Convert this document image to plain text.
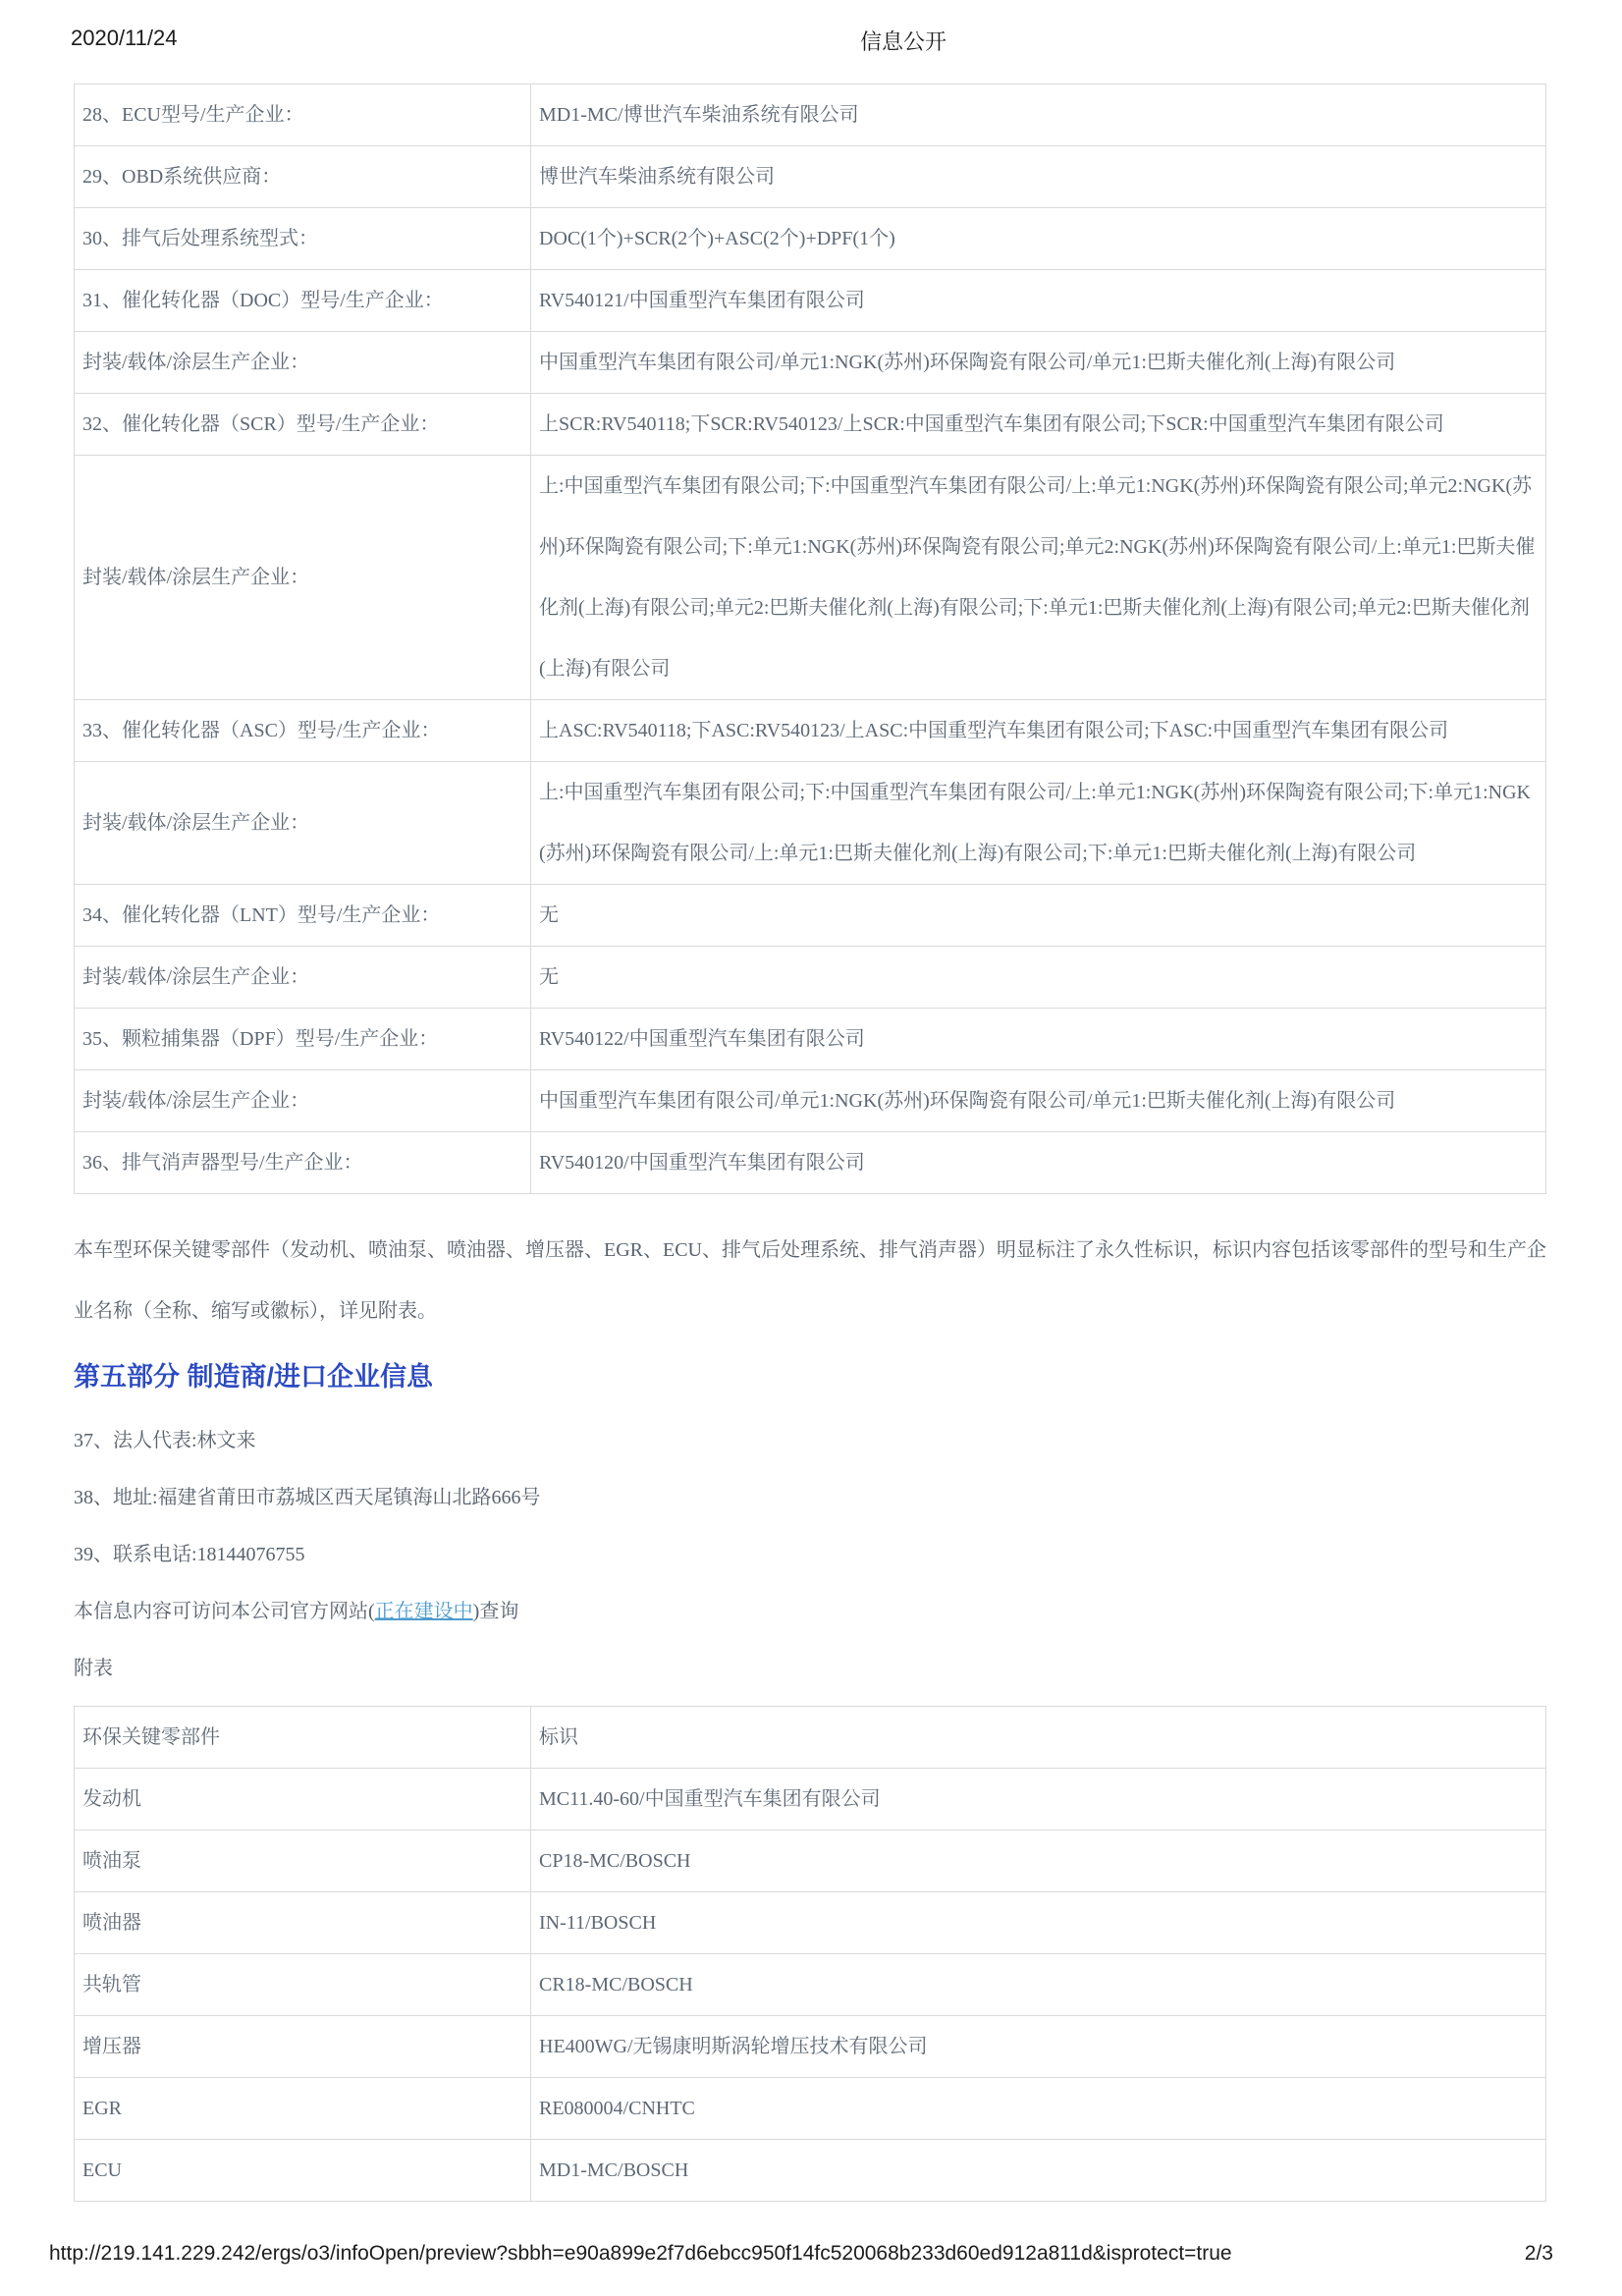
2020/11/24	信息公开
28、ECU型号/生产企业：	MD1-MC/博世汽车柴油系统有限公司
29、OBD系统供应商：	博世汽车柴油系统有限公司
30、排气后处理系统型式：	DOC(1个)+SCR(2个)+ASC(2个)+DPF(1个)
31、催化转化器（DOC）型号/生产企业：	RV540121/中国重型汽车集团有限公司
封装/载体/涂层生产企业：	中国重型汽车集团有限公司/单元1:NGK(苏州)环保陶瓷有限公司/单元1:巴斯夫催化剂(上海)有限公司
32、催化转化器（SCR）型号/生产企业：	上SCR:RV540118;下SCR:RV540123/上SCR:中国重型汽车集团有限公司;下SCR:中国重型汽车集团有限公司
封装/载体/涂层生产企业：	上:中国重型汽车集团有限公司;下:中国重型汽车集团有限公司/上:单元1:NGK(苏州)环保陶瓷有限公司;单元2:NGK(苏州)环保陶瓷有限公司;下:单元1:NGK(苏州)环保陶瓷有限公司;单元2:NGK(苏州)环保陶瓷有限公司/上:单元1:巴斯夫催化剂(上海)有限公司;单元2:巴斯夫催化剂(上海)有限公司;下:单元1:巴斯夫催化剂(上海)有限公司;单元2:巴斯夫催化剂(上海)有限公司
33、催化转化器（ASC）型号/生产企业：	上ASC:RV540118;下ASC:RV540123/上ASC:中国重型汽车集团有限公司;下ASC:中国重型汽车集团有限公司
封装/载体/涂层生产企业：	上:中国重型汽车集团有限公司;下:中国重型汽车集团有限公司/上:单元1:NGK(苏州)环保陶瓷有限公司;下:单元1:NGK(苏州)环保陶瓷有限公司/上:单元1:巴斯夫催化剂(上海)有限公司;下:单元1:巴斯夫催化剂(上海)有限公司
34、催化转化器（LNT）型号/生产企业：	无
封装/载体/涂层生产企业：	无
35、颗粒捕集器（DPF）型号/生产企业：	RV540122/中国重型汽车集团有限公司
封装/载体/涂层生产企业：	中国重型汽车集团有限公司/单元1:NGK(苏州)环保陶瓷有限公司/单元1:巴斯夫催化剂(上海)有限公司
36、排气消声器型号/生产企业：	RV540120/中国重型汽车集团有限公司

本车型环保关键零部件（发动机、喷油泵、喷油器、增压器、EGR、ECU、排气后处理系统、排气消声器）明显标注了永久性标识，标识内容包括该零部件的型号和生产企业名称（全称、缩写或徽标），详见附表。

第五部分 制造商/进口企业信息

37、法人代表:林文来

38、地址:福建省莆田市荔城区西天尾镇海山北路666号

39、联系电话:18144076755

本信息内容可访问本公司官方网站(正在建设中)查询

附表

环保关键零部件	标识
发动机	MC11.40-60/中国重型汽车集团有限公司
喷油泵	CP18-MC/BOSCH
喷油器	IN-11/BOSCH
共轨管	CR18-MC/BOSCH
增压器	HE400WG/无锡康明斯涡轮增压技术有限公司
EGR	RE080004/CNHTC
ECU	MD1-MC/BOSCH
http://219.141.229.242/ergs/o3/infoOpen/preview?sbbh=e90a899e2f7d6ebcc950f14fc520068b233d60ed912a811d&isprotect=true	2/3
